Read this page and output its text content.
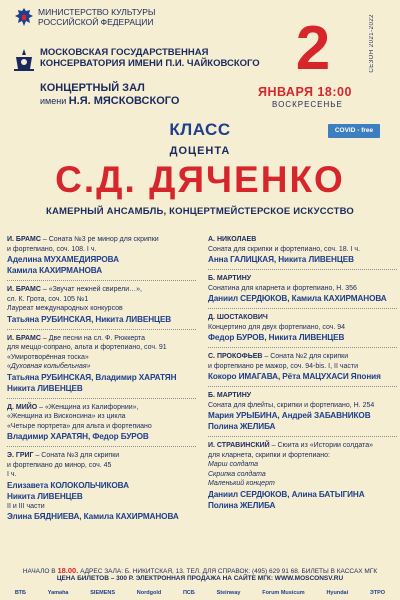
МИНИСТЕРСТВО КУЛЬТУРЫ
РОССИЙСКОЙ ФЕДЕРАЦИИ
МОСКОВСКАЯ ГОСУДАРСТВЕННАЯ
КОНСЕРВАТОРИЯ ИМЕНИ П.И. ЧАЙКОВСКОГО
КОНЦЕРТНЫЙ ЗАЛ
имени Н.Я. МЯСКОВСКОГО
2	СЕЗОН 2021-2022
ЯНВАРЯ 18:00
ВОСКРЕСЕНЬЕ
COVID - free
КЛАСС
ДОЦЕНТА
С.Д. ДЯЧЕНКО
КАМЕРНЫЙ АНСАМБЛЬ, КОНЦЕРТМЕЙСТЕРСКОЕ ИСКУССТВО
И. БРАМС – Соната №3 ре минор для скрипки
и фортепиано, соч. 108. I ч.
Аделина МУХАМЕДИЯРОВА
Камила КАХИРМАНОВА
И. БРАМС – «Звучат нежней свирели…»,
сл. К. Грота, соч. 105 №1
Лауреат международных конкурсов
Татьяна РУБИНСКАЯ, Никита ЛИВЕНЦЕВ
И. БРАМС – Две песни на сл. Ф. Рюккерта
для меццо-сопрано, альта и фортепиано, соч. 91
«Умиротворённая тоска»
«Духовная колыбельная»
Татьяна РУБИНСКАЯ, Владимир ХАРАТЯН
Никита ЛИВЕНЦЕВ
Д. МИЙО – «Женщина из Калифорнии»,
«Женщина из Висконсина» из цикла
«Четыре портрета» для альта и фортепиано
Владимир ХАРАТЯН, Федор БУРОВ
Э. ГРИГ – Соната №3 для скрипки
и фортепиано до минор, соч. 45
I ч.
Елизавета КОЛОКОЛЬЧИКОВА
Никита ЛИВЕНЦЕВ
II и III части
Элина БЯДНИЕВА, Камила КАХИРМАНОВА
А. НИКОЛАЕВ
Соната для скрипки и фортепиано, соч. 18. I ч.
Анна ГАЛИЦКАЯ, Никита ЛИВЕНЦЕВ
Б. МАРТИНУ
Сонатина для кларнета и фортепиано, Н. 356
Даниил СЕРДЮКОВ, Камила КАХИРМАНОВА
Д. ШОСТАКОВИЧ
Концертино для двух фортепиано, соч. 94
Федор БУРОВ, Никита ЛИВЕНЦЕВ
С. ПРОКОФЬЕВ – Соната №2 для скрипки
и фортепиано ре мажор, соч. 94-bis. I, II части
Кокоро ИМАГАВА, Рёта МАЦУХАСИ Япония
Б. МАРТИНУ
Соната для флейты, скрипки и фортепиано, Н. 254
Мария УРЫБИНА, Андрей ЗАБАВНИКОВ
Полина ЖЕЛИБА
И. СТРАВИНСКИЙ – Сюита из «Истории солдата»
для кларнета, скрипки и фортепиано:
Марш солдата
Скрипка солдата
Маленький концерт
Даниил СЕРДЮКОВ, Алина БАТЫГИНА
Полина ЖЕЛИБА
НАЧАЛО В 18.00. АДРЕС ЗАЛА: Б. НИКИТСКАЯ, 13. ТЕЛ. ДЛЯ СПРАВОК: (495) 629 91 68. БИЛЕТЫ В КАССАХ МГК
ЦЕНА БИЛЕТОВ – 300 Р. ЭЛЕКТРОННАЯ ПРОДАЖА НА САЙТЕ МГК: WWW.MOSCONSV.RU
ВТБ	Yamaha	SIEMENS	Nordgold	ПСБ	Steinway	Forum Musicum	Hyundai	ЭТРО
